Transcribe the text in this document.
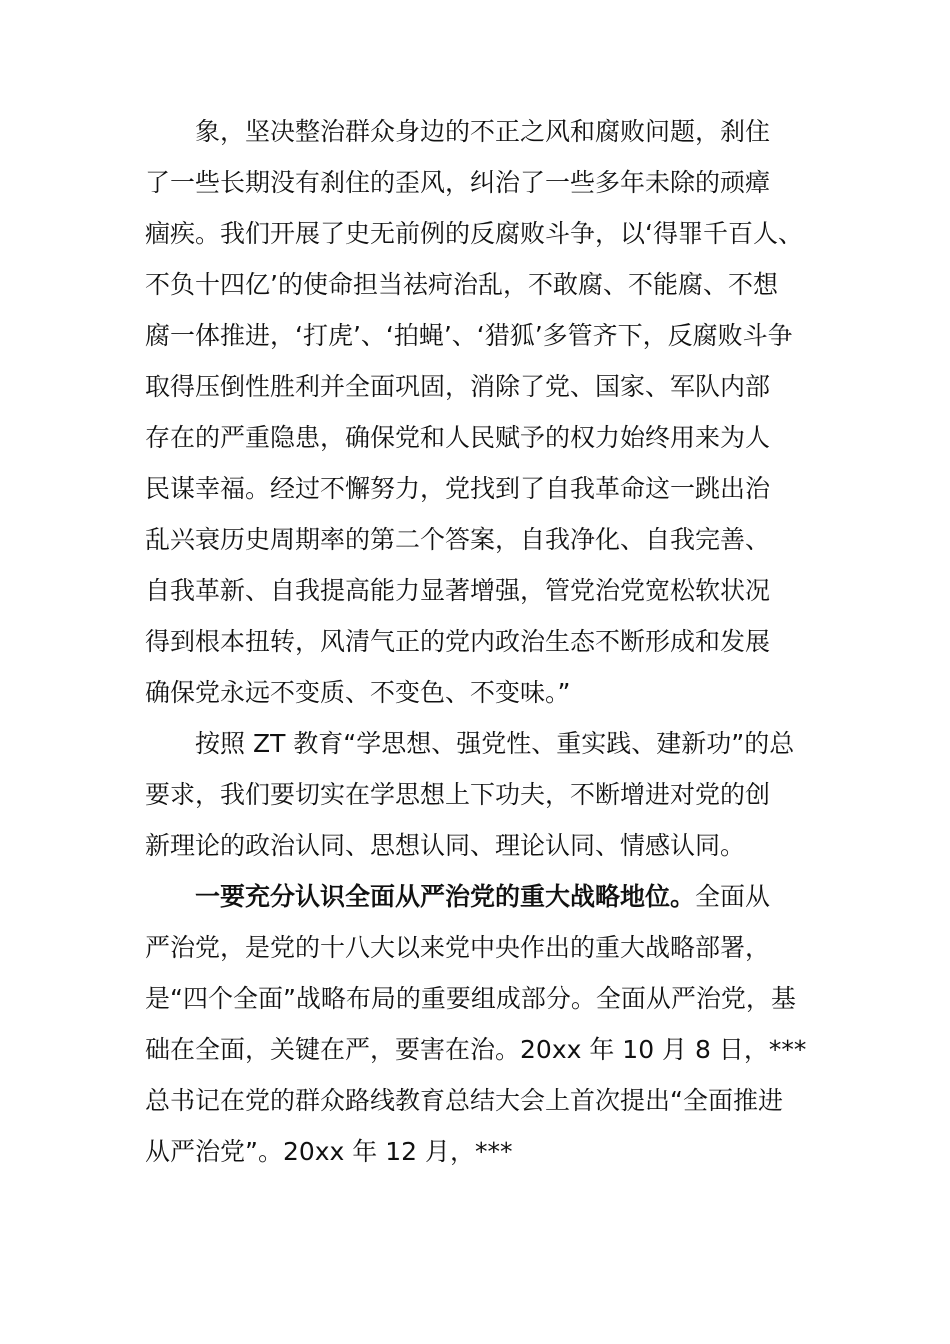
象，坚决整治群众身边的不正之风和腐败问题，刹住
了一些长期没有刹住的歪风，纠治了一些多年未除的顽瘴
痼疾。我们开展了史无前例的反腐败斗争，以‘得罪千百人、
不负十四亿’的使命担当祛疴治乱，不敢腐、不能腐、不想
腐一体推进，‘打虎’、‘拍蝇’、‘猎狐’多管齐下，反腐败斗争
取得压倒性胜利并全面巩固，消除了党、国家、军队内部
存在的严重隐患，确保党和人民赋予的权力始终用来为人
民谋幸福。经过不懈努力，党找到了自我革命这一跳出治
乱兴衰历史周期率的第二个答案，自我净化、自我完善、
自我革新、自我提高能力显著增强，管党治党宽松软状况
得到根本扭转，风清气正的党内政治生态不断形成和发展
确保党永远不变质、不变色、不变味。”
按照 ZT 教育“学思想、强党性、重实践、建新功”的总
要求，我们要切实在学思想上下功夫，不断增进对党的创
新理论的政治认同、思想认同、理论认同、情感认同。
一要充分认识全面从严治党的重大战略地位。全面从
严治党，是党的十八大以来党中央作出的重大战略部署，
是“四个全面”战略布局的重要组成部分。全面从严治党，基
础在全面，关键在严，要害在治。20xx 年 10 月 8 日，***
总书记在党的群众路线教育总结大会上首次提出“全面推进
从严治党”。20xx 年 12 月，***
